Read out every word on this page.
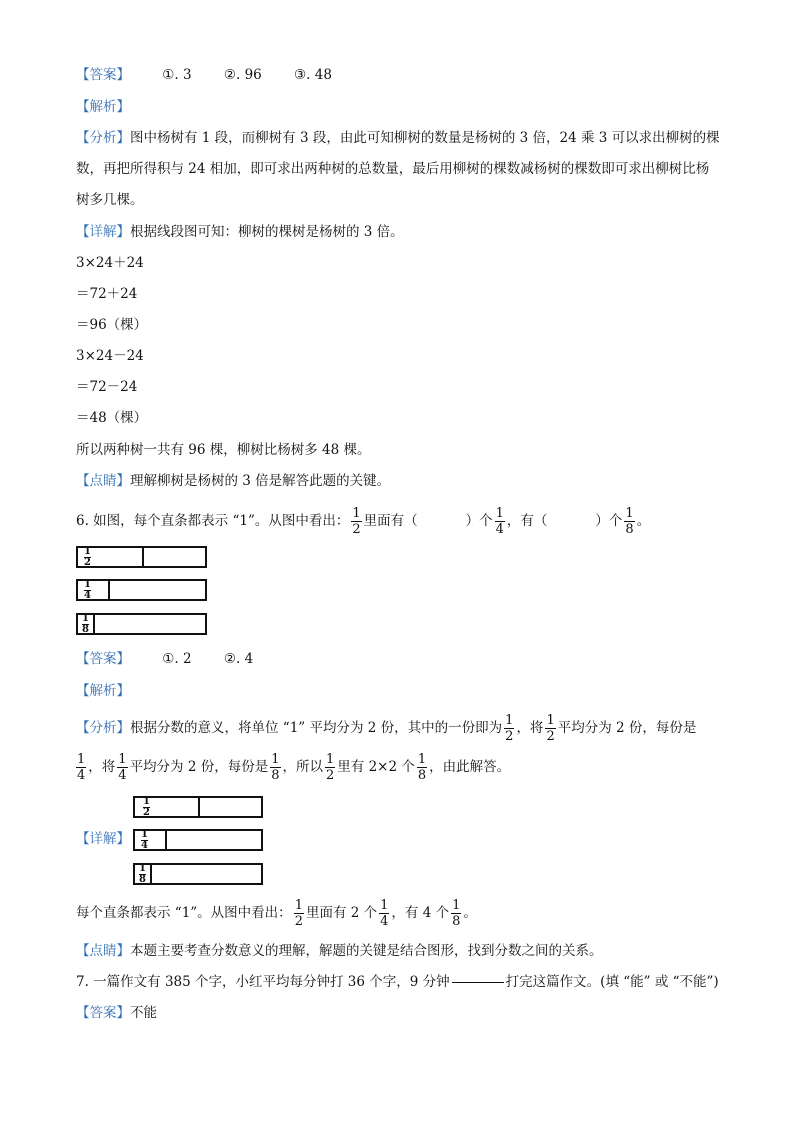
【答案】 ①. 3 ②. 96 ③. 48
【解析】
【分析】图中杨树有 1 段，而柳树有 3 段，由此可知柳树的数量是杨树的 3 倍，24 乘 3 可以求出柳树的棵
数，再把所得积与 24 相加，即可求出两种树的总数量，最后用柳树的棵数减杨树的棵数即可求出柳树比杨
树多几棵。
【详解】根据线段图可知：柳树的棵树是杨树的 3 倍。
3×24＋24
＝72＋24
＝96（棵）
3×24－24
＝72－24
＝48（棵）
所以两种树一共有 96 棵，柳树比杨树多 48 棵。
【点睛】理解柳树是杨树的 3 倍是解答此题的关键。
6. 如图，每个直条都表示 “1”。从图中看出： $\frac{1}{2}$ 里面有（	）个 $\frac{1}{4}$ ，有（	）个 $\frac{1}{8}$ 。
1
2
1
4
1
8
【答案】 ①. 2 ②. 4
【解析】
【分析】根据分数的意义，将单位 “1” 平均分为 2 份，其中的一份即为 $\frac{1}{2}$ ，将 $\frac{1}{2}$ 平均分为 2 份，每份是
$\frac{1}{4}$ ，将 $\frac{1}{4}$ 平均分为 2 份，每份是 $\frac{1}{8}$ ，所以 $\frac{1}{2}$ 里有 2×2 个 $\frac{1}{8}$ ，由此解答。
【详解】
1
2
1
4
1
8
每个直条都表示 “1”。从图中看出： $\frac{1}{2}$ 里面有 2 个 $\frac{1}{4}$ ，有 4 个 $\frac{1}{8}$ 。
【点睛】本题主要考查分数意义的理解，解题的关键是结合图形，找到分数之间的关系。
7. 一篇作文有 385 个字，小红平均每分钟打 36 个字，9 分钟	打完这篇作文。(填 “能” 或 “不能”)
【答案】不能
